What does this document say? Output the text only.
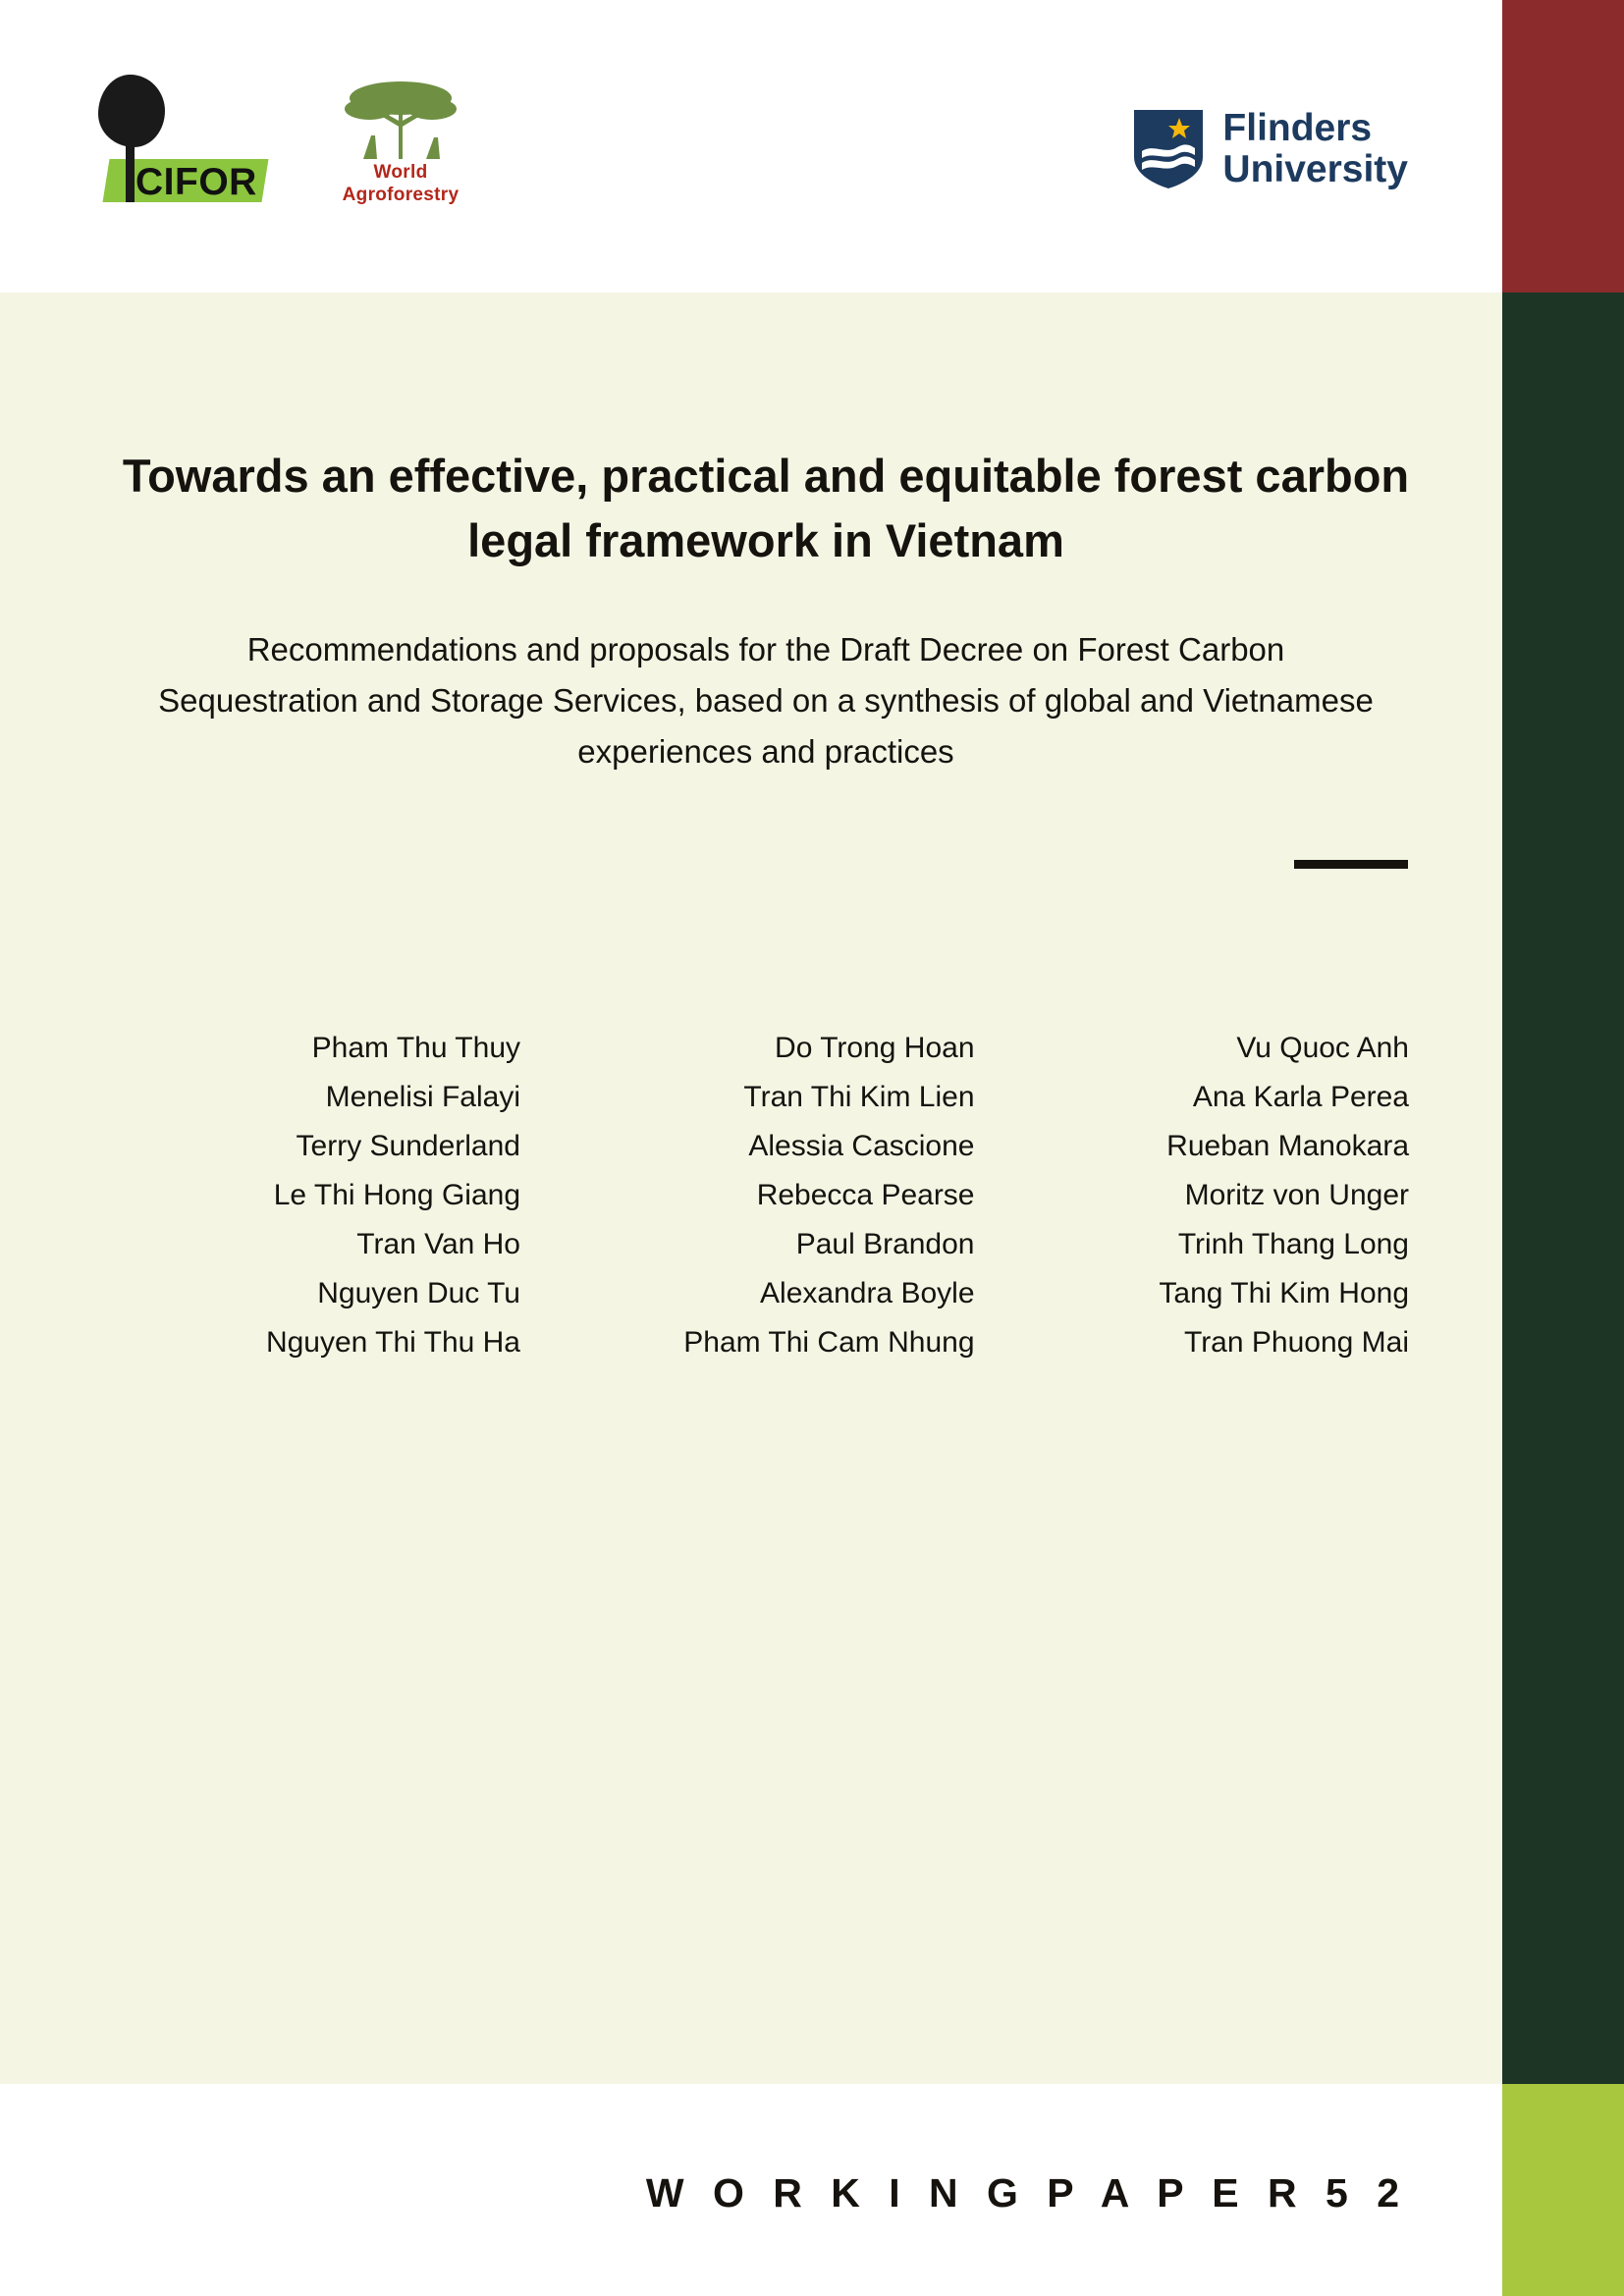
CIFOR	World
Agroforestry
Flinders
University
Towards an effective, practical and equitable forest carbon legal framework in Vietnam
Recommendations and proposals for the Draft Decree on Forest Carbon Sequestration and Storage Services, based on a synthesis of global and Vietnamese experiences and practices
Pham Thu Thuy
Menelisi Falayi
Terry Sunderland
Le Thi Hong Giang
Tran Van Ho
Nguyen Duc Tu
Nguyen Thi Thu Ha
Do Trong Hoan
Tran Thi Kim Lien
Alessia Cascione
Rebecca Pearse
Paul Brandon
Alexandra Boyle
Pham Thi Cam Nhung
Vu Quoc Anh
Ana Karla Perea
Rueban Manokara
Moritz von Unger
Trinh Thang Long
Tang Thi Kim Hong
Tran Phuong Mai
W O R K I N G P A P E R 5 2
